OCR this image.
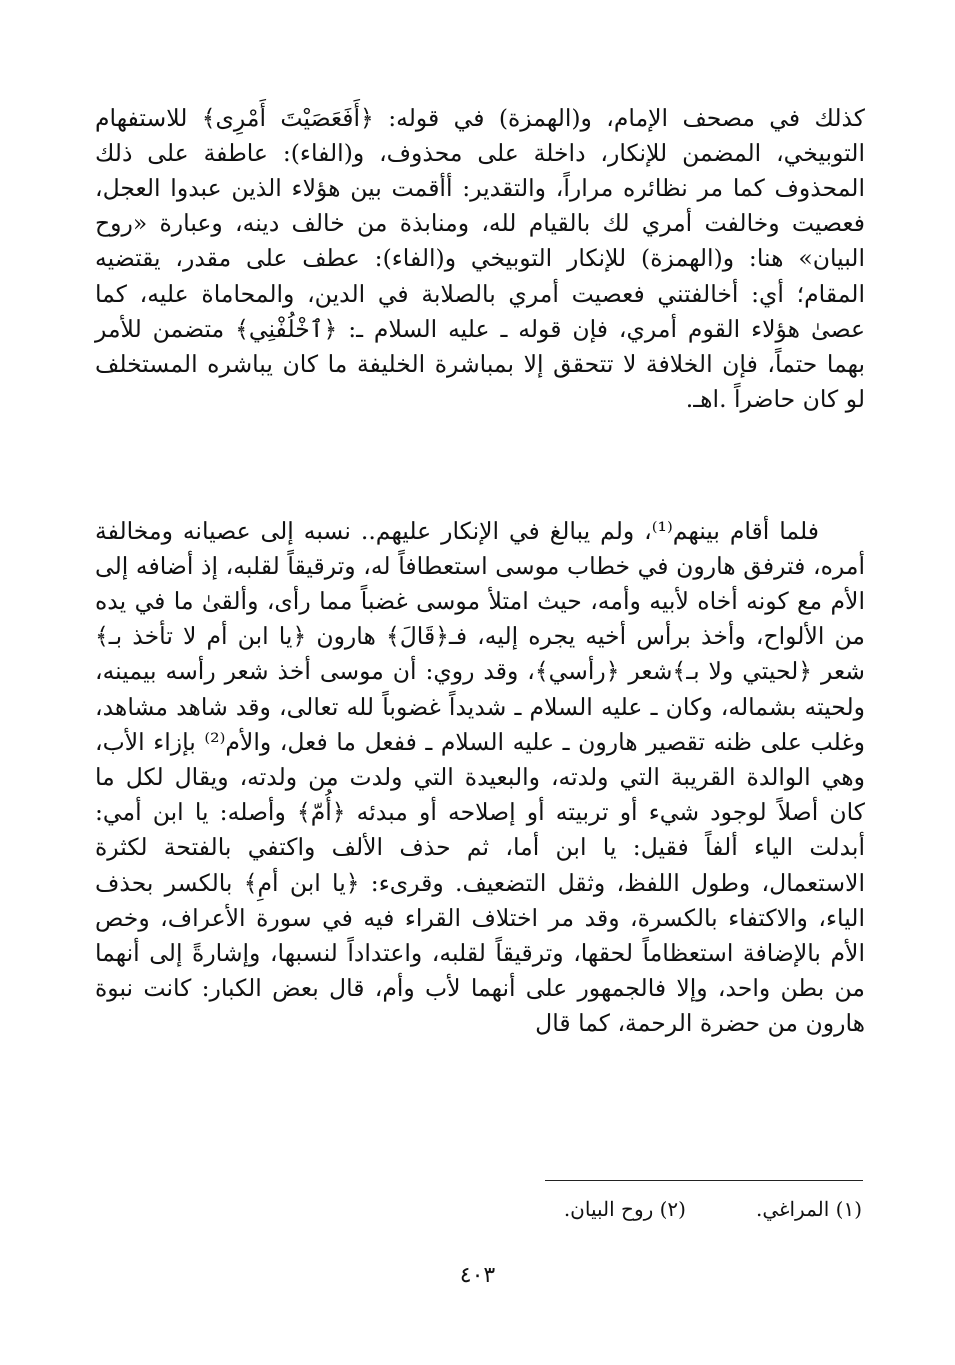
كذلك في مصحف الإمام، و(الهمزة) في قوله: ﴿أَفَعَصَيْتَ أَمْرِى﴾ للاستفهام التوبيخي، المضمن للإنكار، داخلة على محذوف، و(الفاء): عاطفة على ذلك المحذوف كما مر نظائره مراراً، والتقدير: أأقمت بين هؤلاء الذين عبدوا العجل، فعصيت وخالفت أمري لك بالقيام لله، ومنابذة من خالف دينه، وعبارة «روح البيان» هنا: و(الهمزة) للإنكار التوبيخي و(الفاء): عطف على مقدر، يقتضيه المقام؛ أي: أخالفتني فعصيت أمري بالصلابة في الدين، والمحاماة عليه، كما عصىٰ هؤلاء القوم أمري، فإن قوله ـ عليه السلام ـ: ﴿ٱخْلُفْنِي﴾ متضمن للأمر بهما حتماً، فإن الخلافة لا تتحقق إلا بمباشرة الخليفة ما كان يباشره المستخلف لو كان حاضراً .اهـ.

فلما أقام بينهم⁽¹⁾، ولم يبالغ في الإنكار عليهم.. نسبه إلى عصيانه ومخالفة أمره، فترفق هارون في خطاب موسى استعطافاً له، وترقيقاً لقلبه، إذ أضافه إلى الأم مع كونه أخاه لأبيه وأمه، حيث امتلأ موسى غضباً مما رأى، وألقىٰ ما في يده من الألواح، وأخذ برأس أخيه يجره إليه، فـ﴿قَالَ﴾ هارون ﴿يا ابن أم لا تأخذ بـ﴾شعر ﴿لحيتي ولا بـ﴾شعر ﴿رأسي﴾، وقد روي: أن موسى أخذ شعر رأسه بيمينه، ولحيته بشماله، وكان ـ عليه السلام ـ شديداً غضوباً لله تعالى، وقد شاهد مشاهد، وغلب على ظنه تقصير هارون ـ عليه السلام ـ ففعل ما فعل، والأم⁽²⁾ بإزاء الأب، وهي الوالدة القريبة التي ولدته، والبعيدة التي ولدت من ولدته، ويقال لكل ما كان أصلاً لوجود شيء أو تربيته أو إصلاحه أو مبدئه ﴿أُمّ﴾ وأصله: يا ابن أمي: أبدلت الياء ألفاً فقيل: يا ابن أما، ثم حذف الألف واكتفي بالفتحة لكثرة الاستعمال، وطول اللفظ، وثقل التضعيف. وقرىء: ﴿يا ابن أمِ﴾ بالكسر بحذف الياء، والاكتفاء بالكسرة، وقد مر اختلاف القراء فيه في سورة الأعراف، وخص الأم بالإضافة استعظاماً لحقها، وترقيقاً لقلبه، واعتداداً لنسبها، وإشارةً إلى أنهما من بطن واحد، وإلا فالجمهور على أنهما لأب وأم، قال بعض الكبار: كانت نبوة هارون من حضرة الرحمة، كما قال

(١) المراغي.
(٢) روح البيان.
٤٠٣
